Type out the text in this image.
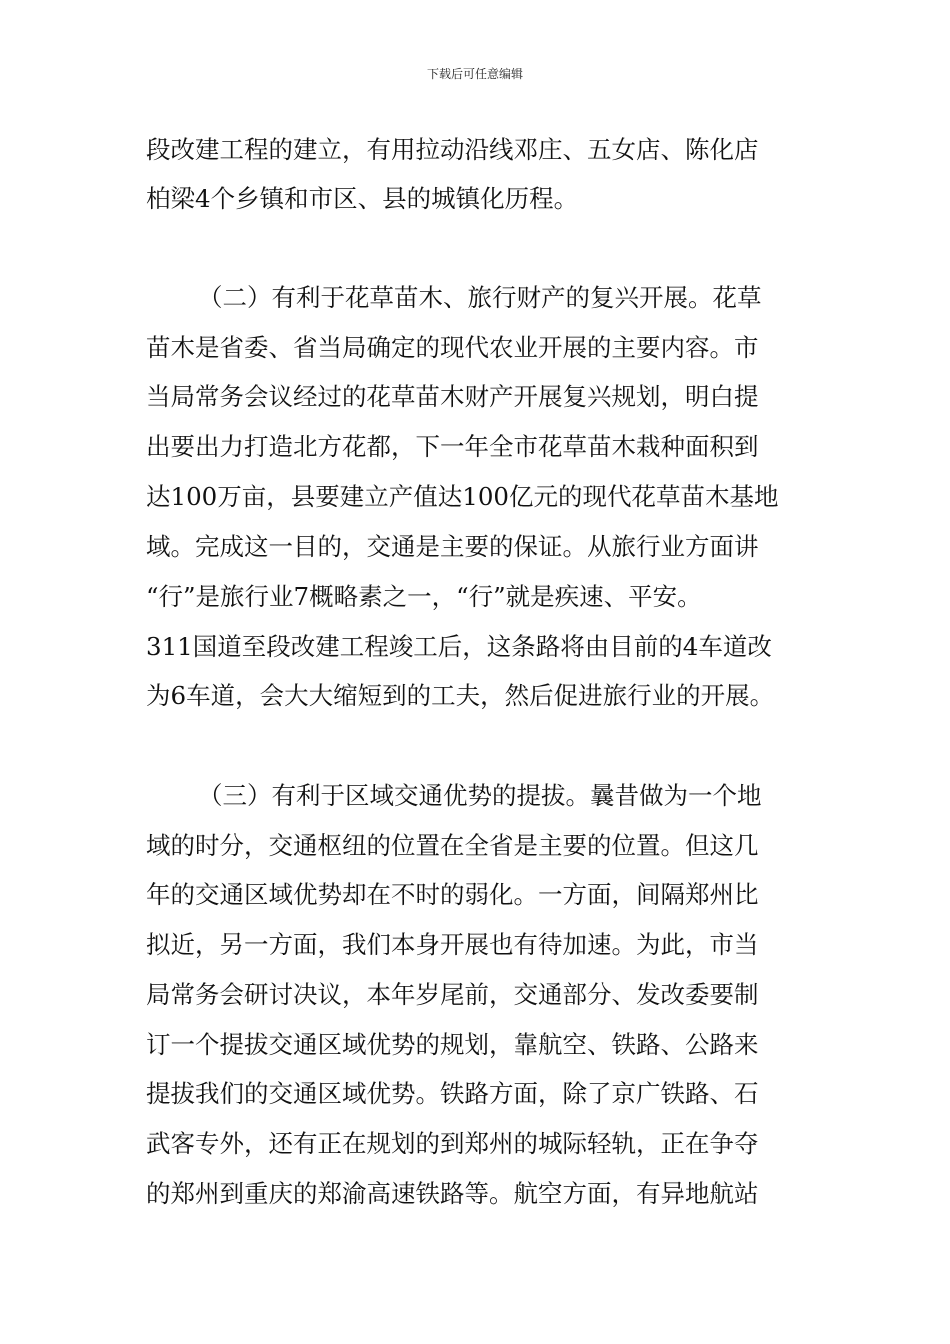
下载后可任意编辑
段改建工程的建立，有用拉动沿线邓庄、五女店、陈化店
柏梁4个乡镇和市区、县的城镇化历程。
（二）有利于花草苗木、旅行财产的复兴开展。花草
苗木是省委、省当局确定的现代农业开展的主要内容。市
当局常务会议经过的花草苗木财产开展复兴规划，明白提
出要出力打造北方花都，下一年全市花草苗木栽种面积到
达100万亩，县要建立产值达100亿元的现代花草苗木基地
域。完成这一目的，交通是主要的保证。从旅行业方面讲
“行”是旅行业7概略素之一，“行”就是疾速、平安。
311国道至段改建工程竣工后，这条路将由目前的4车道改
为6车道，会大大缩短到的工夫，然后促进旅行业的开展。
（三）有利于区域交通优势的提拔。曩昔做为一个地
域的时分，交通枢纽的位置在全省是主要的位置。但这几
年的交通区域优势却在不时的弱化。一方面，间隔郑州比
拟近，另一方面，我们本身开展也有待加速。为此，市当
局常务会研讨决议，本年岁尾前，交通部分、发改委要制
订一个提拔交通区域优势的规划，靠航空、铁路、公路来
提拔我们的交通区域优势。铁路方面，除了京广铁路、石
武客专外，还有正在规划的到郑州的城际轻轨，正在争夺
的郑州到重庆的郑渝高速铁路等。航空方面，有异地航站
